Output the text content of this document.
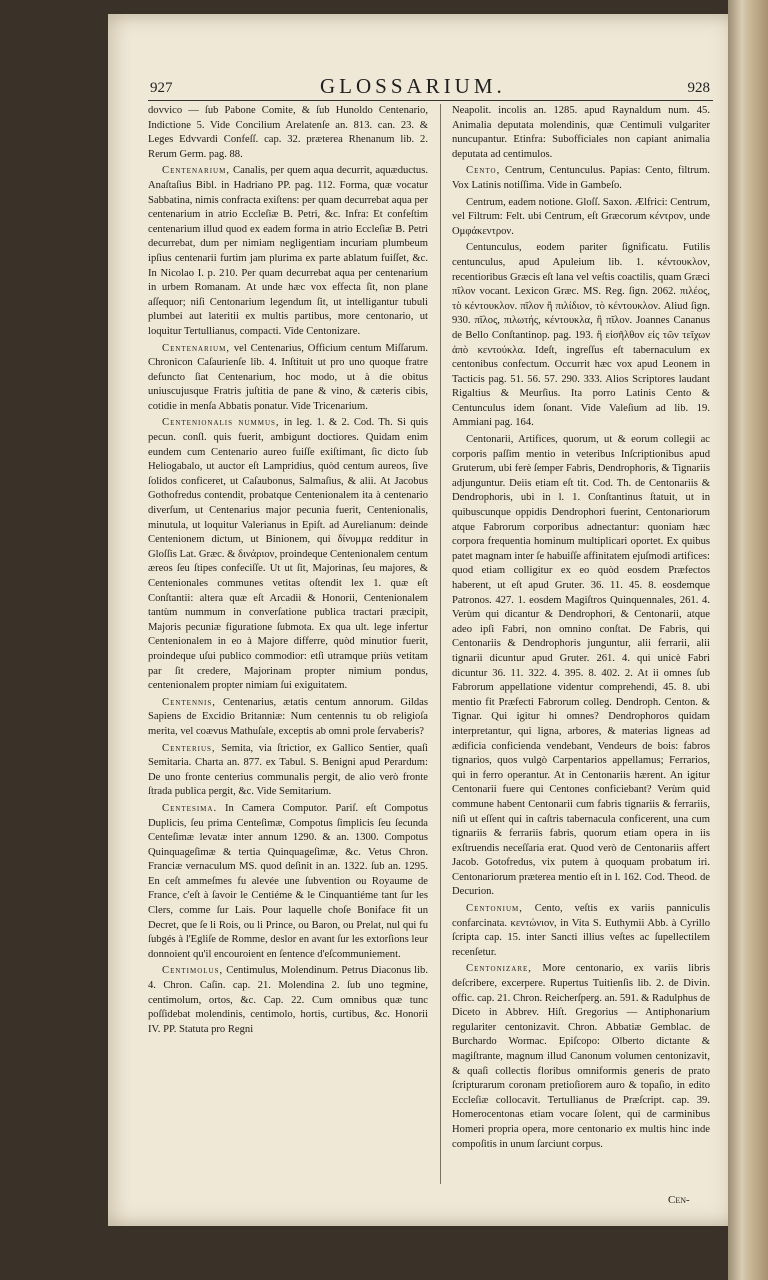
927	GLOSSARIUM.	928

dovvico — ſub Pabone Comite, & ſub Hunoldo Centenario, Indictione 5. Vide Concilium Arelatenſe an. 813. can. 23. & Leges Edvvardi Confeſſ. cap. 32. præterea Rhenanum lib. 2. Rerum Germ. pag. 88.

Centenarium, Canalis, per quem aqua decurrit, aquæductus. Anaſtaſius Bibl. in Hadriano PP. pag. 112. Forma, quæ vocatur Sabbatina, nimis confracta exiſtens: per quam decurrebat aqua per centenarium in atrio Eccleſiæ B. Petri, &c. Infra: Et confeſtim centenarium illud quod ex eadem forma in atrio Eccleſiæ B. Petri decurrebat, dum per nimiam negligentiam incuriam plumbeum ipſius centenarii furtim jam plurima ex parte ablatum fuiſſet, &c. In Nicolao I. p. 210. Per quam decurrebat aqua per centenarium in urbem Romanam. At unde hæc vox effecta ſit, non plane aſſequor; niſi Centonarium legendum ſit, ut intelligantur tubuli plumbei aut lateritii ex multis partibus, more centonario, ut loquitur Tertullianus, compacti. Vide Centonizare.

Centenarium, vel Centenarius, Officium centum Miſſarum. Chronicon Caſaurienſe lib. 4. Inſtituit ut pro uno quoque fratre defuncto ſiat Centenarium, hoc modo, ut à die obitus uniuscujusque Fratris juſtitia de pane & vino, & cæteris cibis, cotidie in menſa Abbatis ponatur. Vide Tricenarium.

Centenionalis nummus, in leg. 1. & 2. Cod. Th. Si quis pecun. conſl. quis fuerit, ambigunt doctiores. Quidam enim eundem cum Centenario aureo fuiſſe exiſtimant, ſic dicto ſub Heliogabalo, ut auctor eſt Lampridius, quòd centum aureos, ſive ſolidos conficeret, ut Caſaubonus, Salmaſius, & alii. At Jacobus Gothofredus contendit, probatque Centenionalem ita à centenario diverſum, ut Centenarius major pecunia fuerit, Centenionalis, minutula, ut loquitur Valerianus in Epiſt. ad Aurelianum: deinde Centenionem dictum, ut Binionem, qui δίνυμμα redditur in Gloſſis Lat. Græc. & δινάριον, proindeque Centenionalem centum æreos ſeu ſtipes confeciſſe. Ut ut ſit, Majorinas, ſeu majores, & Centenionales communes vetitas oſtendit lex 1. quæ eſt Conſtantii: altera quæ eſt Arcadii & Honorii, Centenionalem tantùm nummum in converſatione publica tractari præcipit, Majoris pecuniæ figuratione ſubmota. Ex qua ult. lege infertur Centenionalem in eo à Majore differre, quòd minutior fuerit, proindeque uſui publico commodior: etſi utramque priùs vetitam par ſit credere, Majorinam propter nimium pondus, centenionalem propter nimiam ſui exiguitatem.

Centennis, Centenarius, ætatis centum annorum. Gildas Sapiens de Excidio Britanniæ: Num centennis tu ob religioſa merita, vel coævus Mathuſale, exceptis ab omni prole ſervaberis?

Centerius, Semita, via ſtrictior, ex Gallico Sentier, quaſi Semitaria. Charta an. 877. ex Tabul. S. Benigni apud Perardum: De uno fronte centerius communalis pergit, de alio verò fronte ſtrada publica pergit, &c. Vide Semitarium.

Centesima. In Camera Computor. Pariſ. eſt Compotus Duplicis, ſeu prima Centeſimæ, Compotus ſimplicis ſeu ſecunda Centeſimæ levatæ inter annum 1290. & an. 1300. Compotus Quinquageſimæ & tertia Quinquageſimæ, &c. Vetus Chron. Franciæ vernaculum MS. quod deſinit in an. 1322. ſub an. 1295. En ceſt ammeſmes fu alevée une ſubvention ou Royaume de France, c'eſt à ſavoir le Centiéme & le Cinquantiéme tant ſur les Clers, comme ſur Lais. Pour laquelle choſe Boniface fit un Decret, que ſe li Rois, ou li Prince, ou Baron, ou Prelat, nul qui fu ſubgés à l'Egliſe de Romme, deslor en avant ſur les extorſions leur donnoient qu'il encouroient en ſentence d'eſcommuniement.

Centimolus, Centimulus, Molendinum. Petrus Diaconus lib. 4. Chron. Caſin. cap. 21. Molendina 2. ſub uno tegmine, centimolum, ortos, &c. Cap. 22. Cum omnibus quæ tunc poſſidebat molendinis, centimolo, hortis, curtibus, &c. Honorii IV. PP. Statuta pro Regni

Neapolit. incolis an. 1285. apud Raynaldum num. 45. Animalia deputata molendinis, quæ Centimuli vulgariter nuncupantur. Etinfra: Subofficiales non capiant animalia deputata ad centimulos.

Cento, Centrum, Centunculus. Papias: Cento, filtrum. Vox Latinis notiſſima. Vide in Gambeſo.

Centrum, eadem notione. Gloſſ. Saxon. Ælfrici: Centrum, vel Filtrum: Felt. ubi Centrum, eſt Græcorum κέντρον, unde Ομφάκεντρον.

Centunculus, eodem pariter ſignificatu. Futilis centunculus, apud Apuleium lib. 1. κέντουκλον, recentioribus Græcis eſt lana vel veſtis coactilis, quam Græci πῖλον vocant. Lexicon Græc. MS. Reg. ſign. 2062. πιλέος, τὸ κέντουκλον. πῖλον ἢ πιλίδιον, τὸ κέντουκλον. Aliud ſign. 930. πῖλος, πιλωτής, κέντουκλα, ἢ πῖλον. Joannes Cananus de Bello Conſtantinop. pag. 193. ἢ εἰσῆλθον εἰς τῶν τεῖχων ἀπὸ κεντούκλα. Ideſt, ingreſſus eſt tabernaculum ex centonibus confectum. Occurrit hæc vox apud Leonem in Tacticis pag. 51. 56. 57. 290. 333. Alios Scriptores laudant Rigaltius & Meurſius. Ita porro Latinis Cento & Centunculus idem ſonant. Vide Valeſium ad lib. 19. Ammiani pag. 164.

Centonarii, Artifices, quorum, ut & eorum collegii ac corporis paſſim mentio in veteribus Inſcriptionibus apud Gruterum, ubi ferè ſemper Fabris, Dendrophoris, & Tignariis adjunguntur. Deiis etiam eſt tit. Cod. Th. de Centonariis & Dendrophoris, ubi in l. 1. Conſtantinus ſtatuit, ut in quibuscunque oppidis Dendrophori fuerint, Centonariorum atque Fabrorum corporibus adnectantur: quoniam hæc corpora frequentia hominum multiplicari oportet. Ex quibus patet magnam inter ſe habuiſſe affinitatem ejuſmodi artifices: quod etiam colligitur ex eo quòd eosdem Præfectos haberent, ut eſt apud Gruter. 36. 11. 45. 8. eosdemque Patronos. 427. 1. eosdem Magiſtros Quinquennales, 261. 4. Verùm qui dicantur & Dendrophori, & Centonarii, atque adeo ipſi Fabri, non omnino conſtat. De Fabris, qui Centonariis & Dendrophoris junguntur, alii ferrarii, alii tignarii dicuntur apud Gruter. 261. 4. qui unicè Fabri dicuntur 36. 11. 322. 4. 395. 8. 402. 2. At ii omnes ſub Fabrorum appellatione videntur comprehendi, 45. 8. ubi mentio fit Præfecti Fabrorum colleg. Dendroph. Centon. & Tignar. Qui igitur hi omnes? Dendrophoros quidam interpretantur, qui ligna, arbores, & materias ligneas ad ædificia conficienda vendebant, Vendeurs de bois: fabros tignarios, quos vulgò Carpentarios appellamus; Ferrarios, qui in ferro operantur. At in Centonariis hærent. An igitur Centonarii fuere qui Centones conficiebant? Verùm quid commune habent Centonarii cum fabris tignariis & ferrariis, niſi ut eſſent qui in caſtris tabernacula conficerent, una cum tignariis & ferrariis fabris, quorum etiam opera in iis exſtruendis neceſſaria erat. Quod verò de Centonariis affert Jacob. Gotofredus, vix putem à quoquam probatum iri. Centonariorum præterea mentio eſt in l. 162. Cod. Theod. de Decurion.

Centonium, Cento, veſtis ex variis panniculis confarcinata. κεντώνιον, in Vita S. Euthymii Abb. à Cyrillo ſcripta cap. 15. inter Sancti illius veſtes ac ſupellectilem recenſetur.

Centonizare, More centonario, ex variis libris deſcribere, excerpere. Rupertus Tuitienſis lib. 2. de Divin. offic. cap. 21. Chron. Reicherſperg. an. 591. & Radulphus de Diceto in Abbrev. Hiſt. Gregorius — Antiphonarium regulariter centonizavit. Chron. Abbatiæ Gemblac. de Burchardo Wormac. Epiſcopo: Olberto dictante & magiſtrante, magnum illud Canonum volumen centonizavit, & quaſi collectis floribus omniformis generis de prato ſcripturarum coronam pretioſiorem auro & topaſio, in edito Eccleſiæ collocavit. Tertullianus de Præſcript. cap. 39. Homerocentonas etiam vocare ſolent, qui de carminibus Homeri propria opera, more centonario ex multis hinc inde compoſitis in unum ſarciunt corpus.

Cen-
